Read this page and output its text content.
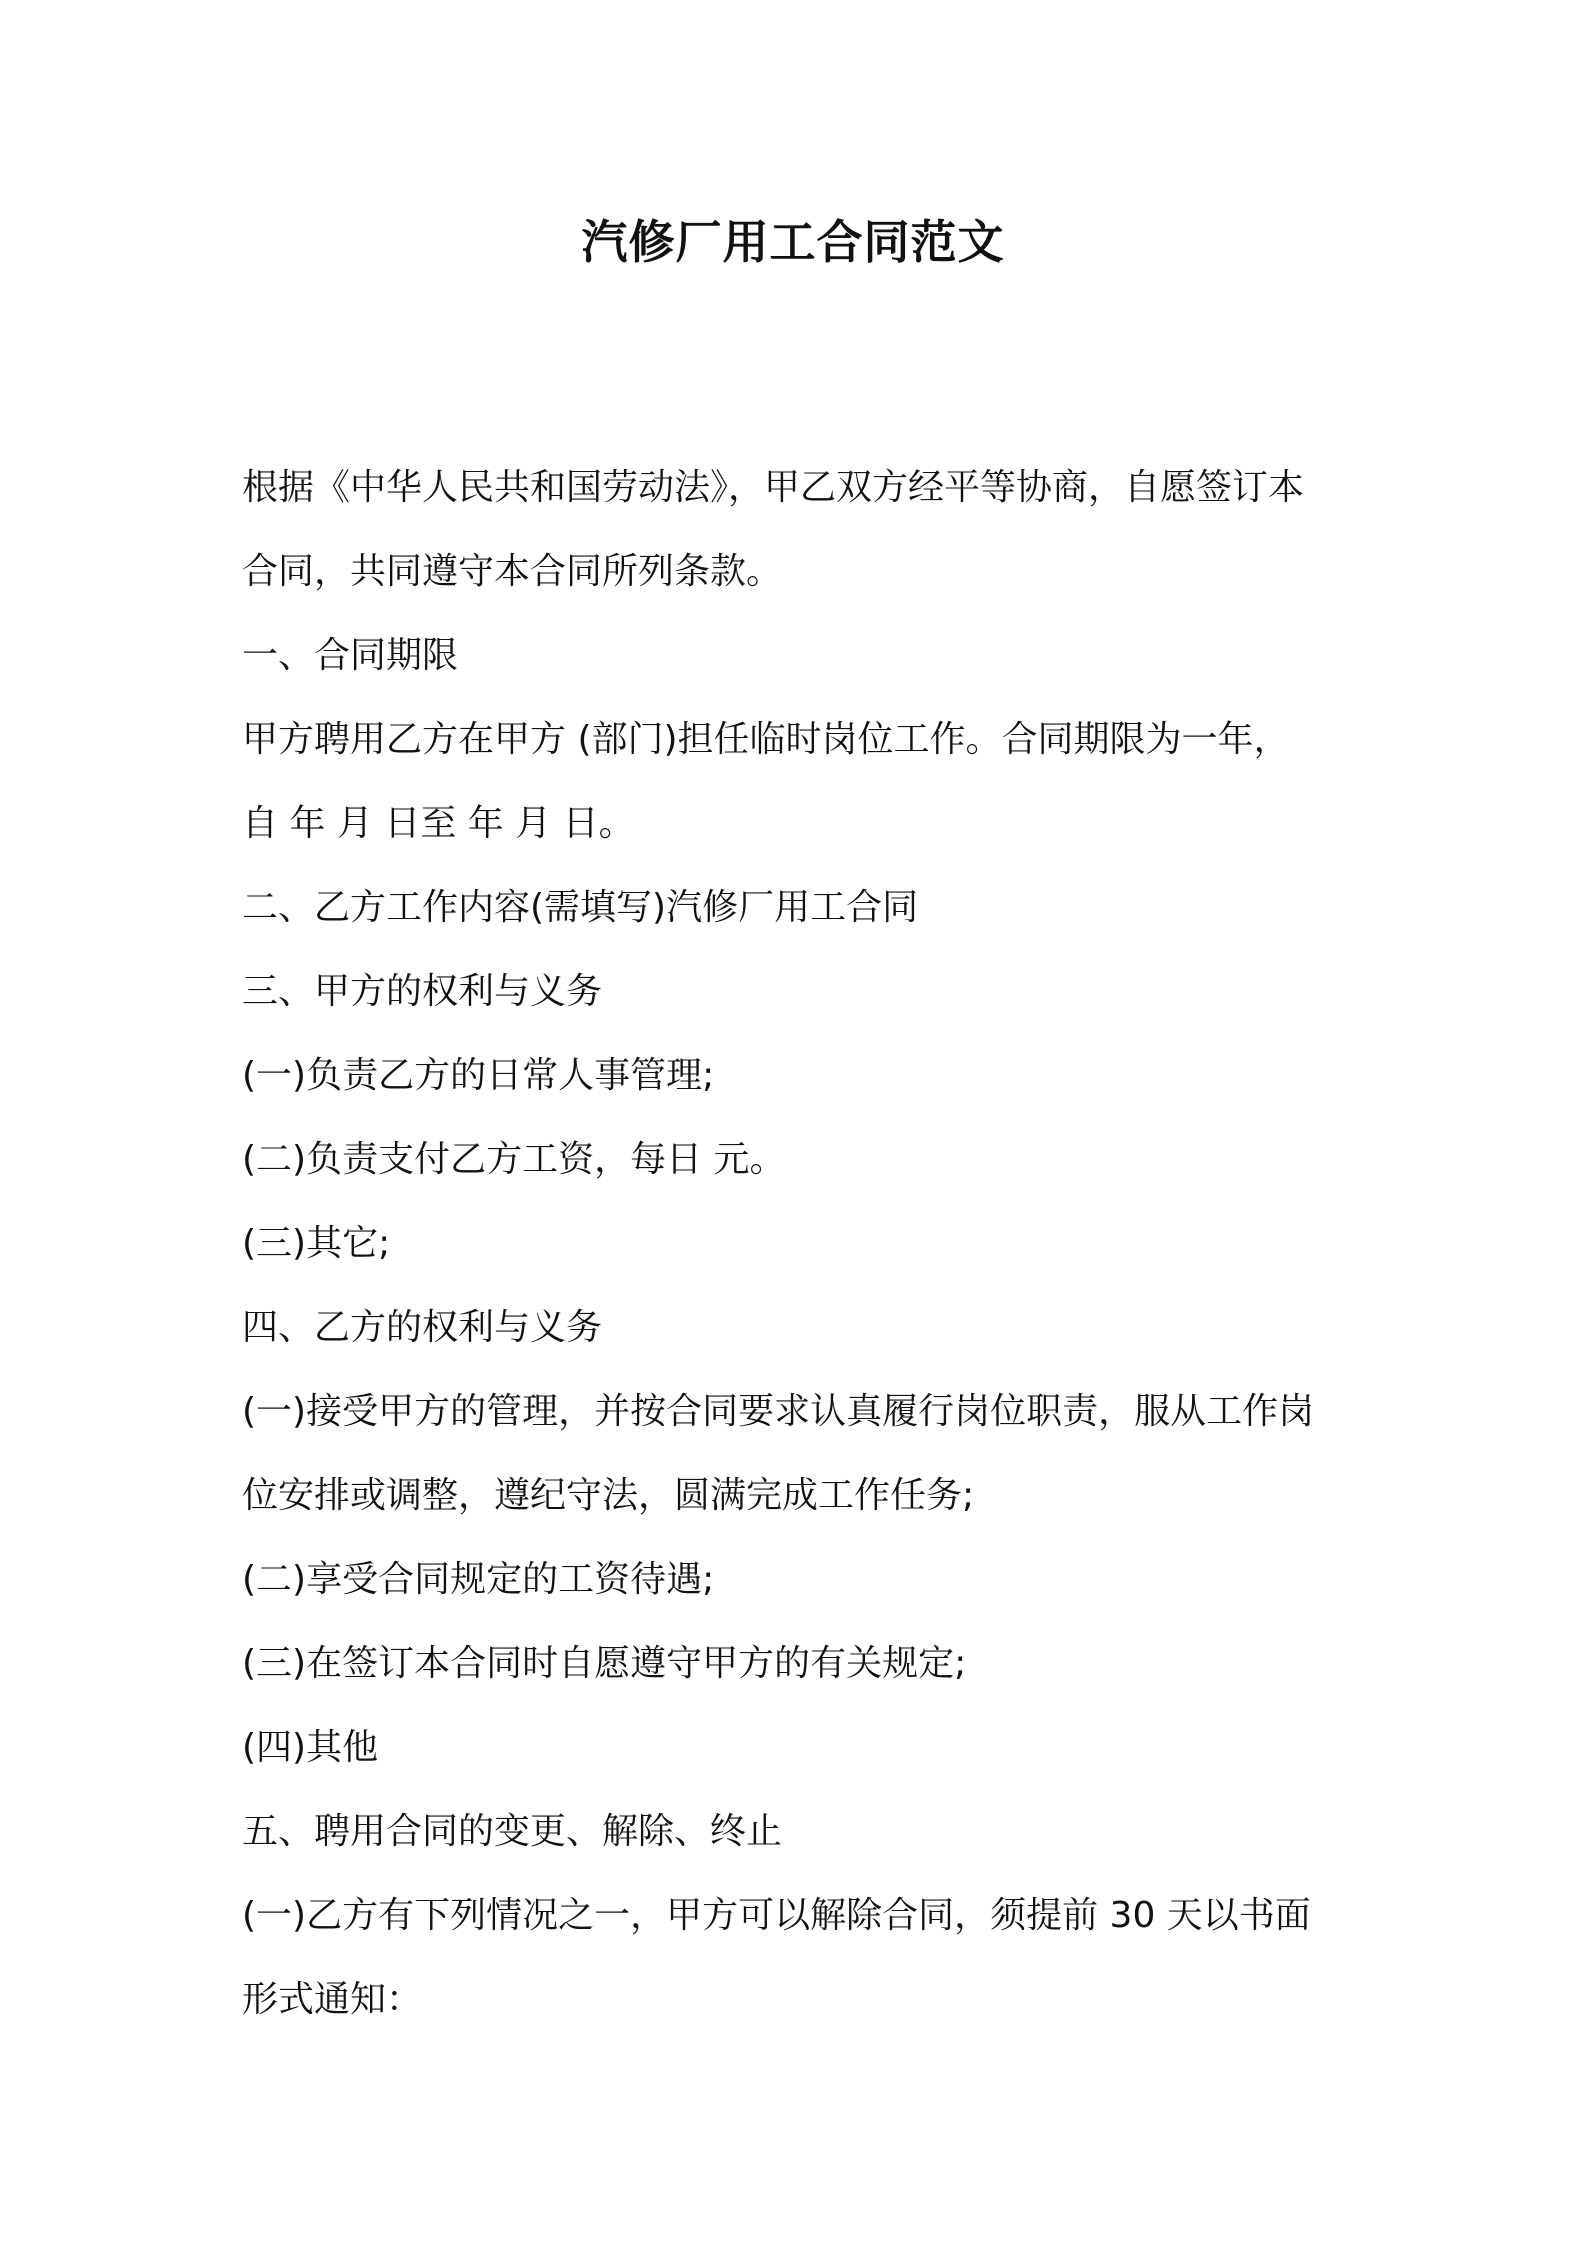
汽修厂用工合同范文
根据《中华人民共和国劳动法》，甲乙双方经平等协商，自愿签订本
合同，共同遵守本合同所列条款。
一、合同期限
甲方聘用乙方在甲方 (部门)担任临时岗位工作。合同期限为一年，
自 年 月 日至 年 月 日。
二、乙方工作内容(需填写)汽修厂用工合同
三、甲方的权利与义务
(一)负责乙方的日常人事管理;
(二)负责支付乙方工资，每日 元。
(三)其它;
四、乙方的权利与义务
(一)接受甲方的管理，并按合同要求认真履行岗位职责，服从工作岗
位安排或调整，遵纪守法，圆满完成工作任务;
(二)享受合同规定的工资待遇;
(三)在签订本合同时自愿遵守甲方的有关规定;
(四)其他
五、聘用合同的变更、解除、终止
(一)乙方有下列情况之一，甲方可以解除合同，须提前 30 天以书面
形式通知：
